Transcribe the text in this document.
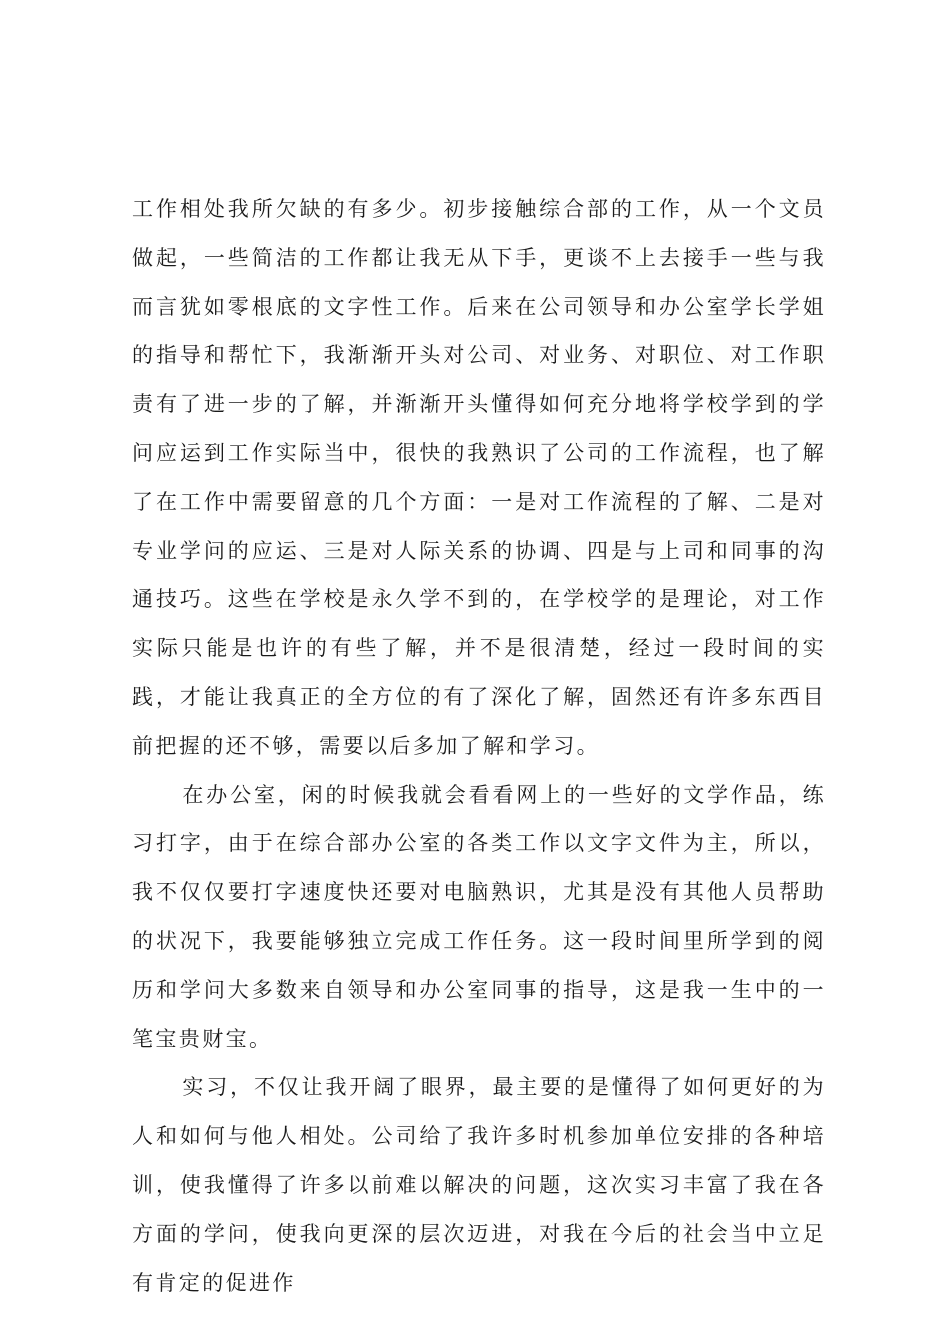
工作相处我所欠缺的有多少。初步接触综合部的工作，从一个文员做起，一些简洁的工作都让我无从下手，更谈不上去接手一些与我而言犹如零根底的文字性工作。后来在公司领导和办公室学长学姐的指导和帮忙下，我渐渐开头对公司、对业务、对职位、对工作职责有了进一步的了解，并渐渐开头懂得如何充分地将学校学到的学问应运到工作实际当中，很快的我熟识了公司的工作流程，也了解了在工作中需要留意的几个方面：一是对工作流程的了解、二是对专业学问的应运、三是对人际关系的协调、四是与上司和同事的沟通技巧。这些在学校是永久学不到的，在学校学的是理论，对工作实际只能是也许的有些了解，并不是很清楚，经过一段时间的实践，才能让我真正的全方位的有了深化了解，固然还有许多东西目前把握的还不够，需要以后多加了解和学习。

在办公室，闲的时候我就会看看网上的一些好的文学作品，练习打字，由于在综合部办公室的各类工作以文字文件为主，所以，我不仅仅要打字速度快还要对电脑熟识，尤其是没有其他人员帮助的状况下，我要能够独立完成工作任务。这一段时间里所学到的阅历和学问大多数来自领导和办公室同事的指导，这是我一生中的一笔宝贵财宝。

实习，不仅让我开阔了眼界，最主要的是懂得了如何更好的为人和如何与他人相处。公司给了我许多时机参加单位安排的各种培训，使我懂得了许多以前难以解决的问题，这次实习丰富了我在各方面的学问，使我向更深的层次迈进，对我在今后的社会当中立足有肯定的促进作
